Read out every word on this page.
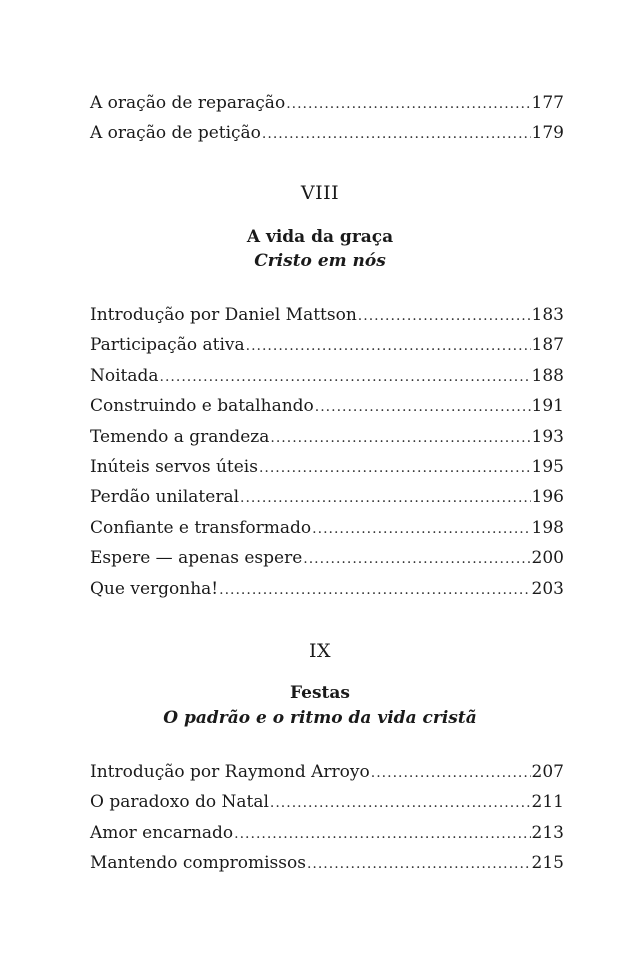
A oração de reparação .....	177
A oração de petição .....	179
VIII
A vida da graça
Cristo em nós
Introdução por Daniel Mattson .....	183
Participação ativa .....	187
Noitada .....	188
Construindo e batalhando .....	191
Temendo a grandeza .....	193
Inúteis servos úteis .....	195
Perdão unilateral .....	196
Confiante e transformado .....	198
Espere — apenas espere .....	200
Que vergonha! .....	203
IX
Festas
O padrão e o ritmo da vida cristã
Introdução por Raymond Arroyo .....	207
O paradoxo do Natal .....	211
Amor encarnado .....	213
Mantendo compromissos .....	215
